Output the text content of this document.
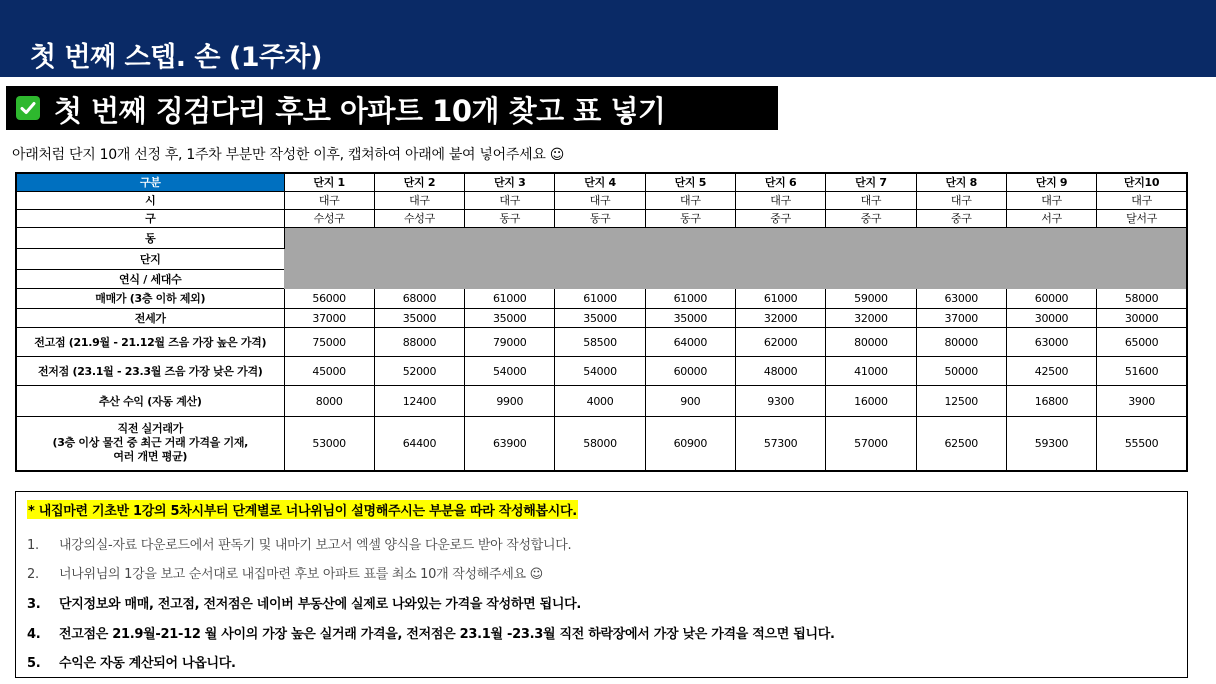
첫 번째 스텝. 손 (1주차)
첫 번째 징검다리 후보 아파트 10개 찾고 표 넣기
아래처럼 단지 10개 선정 후, 1주차 부분만 작성한 이후, 캡쳐하여 아래에 붙여 넣어주세요 ☺
구분	단지 1	단지 2	단지 3	단지 4	단지 5	단지 6	단지 7	단지 8	단지 9	단지10
시	대구	대구	대구	대구	대구	대구	대구	대구	대구	대구
구	수성구	수성구	동구	동구	동구	중구	중구	중구	서구	달서구
동										
단지										
연식 / 세대수										
매매가 (3층 이하 제외)	56000	68000	61000	61000	61000	61000	59000	63000	60000	58000
전세가	37000	35000	35000	35000	35000	32000	32000	37000	30000	30000
전고점 (21.9월 - 21.12월 즈음 가장 높은 가격)	75000	88000	79000	58500	64000	62000	80000	80000	63000	65000
전저점 (23.1월 - 23.3월 즈음 가장 낮은 가격)	45000	52000	54000	54000	60000	48000	41000	50000	42500	51600
추산 수익 (자동 계산)	8000	12400	9900	4000	900	9300	16000	12500	16800	3900

직전 실거래가
(3층 이상 물건 중 최근 거래 가격을 기재,
여러 개면 평균)	53000	64400	63900	58000	60900	57300	57000	62500	59300	55500
* 내집마련 기초반 1강의 5차시부터 단계별로 너나위님이 설명해주시는 부분을 따라 작성해봅시다.
1. 내강의실-자료 다운로드에서 판독기 및 내마기 보고서 엑셀 양식을 다운로드 받아 작성합니다.
2. 너나위님의 1강을 보고 순서대로 내집마련 후보 아파트 표를 최소 10개 작성해주세요 ☺
3. 단지정보와 매매, 전고점, 전저점은 네이버 부동산에 실제로 나와있는 가격을 작성하면 됩니다.
4. 전고점은 21.9월-21-12 월 사이의 가장 높은 실거래 가격을, 전저점은 23.1월 -23.3월 직전 하락장에서 가장 낮은 가격을 적으면 됩니다.
5. 수익은 자동 계산되어 나옵니다.
